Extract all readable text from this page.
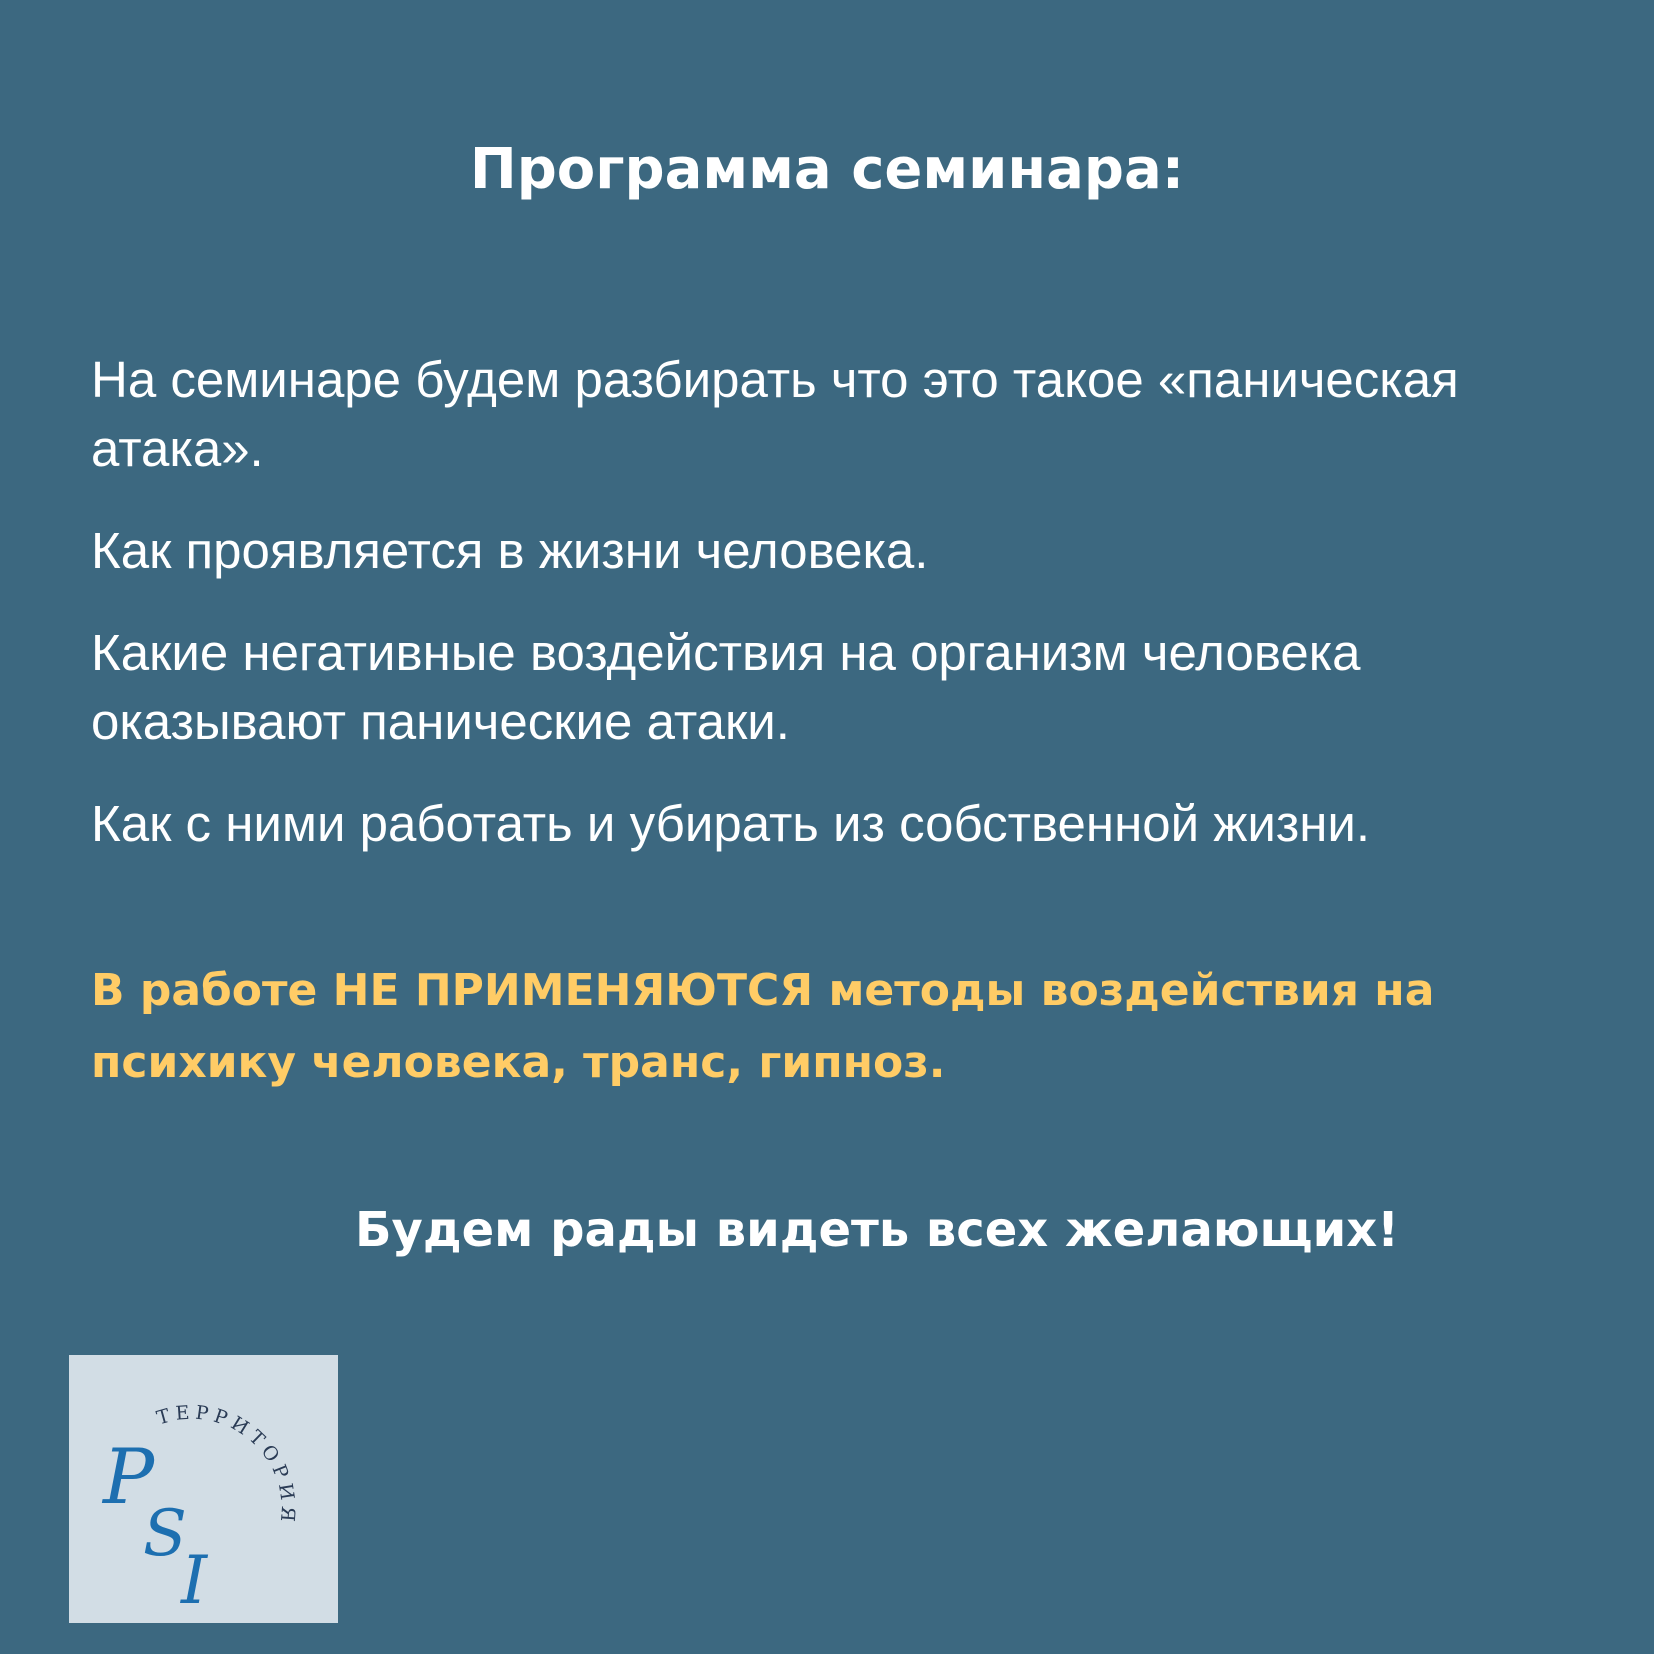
Программа семинара:

На семинаре будем разбирать что это такое «паническая атака».

Как проявляется в жизни человека.

Какие негативные воздействия на организм человека оказывают панические атаки.

Как с ними работать и убирать из собственной жизни.

В работе НЕ ПРИМЕНЯЮТСЯ методы воздействия на психику человека, транс, гипноз.

Будем рады видеть всех желающих!

P
S
I
ТЕРРИТОРИЯ
